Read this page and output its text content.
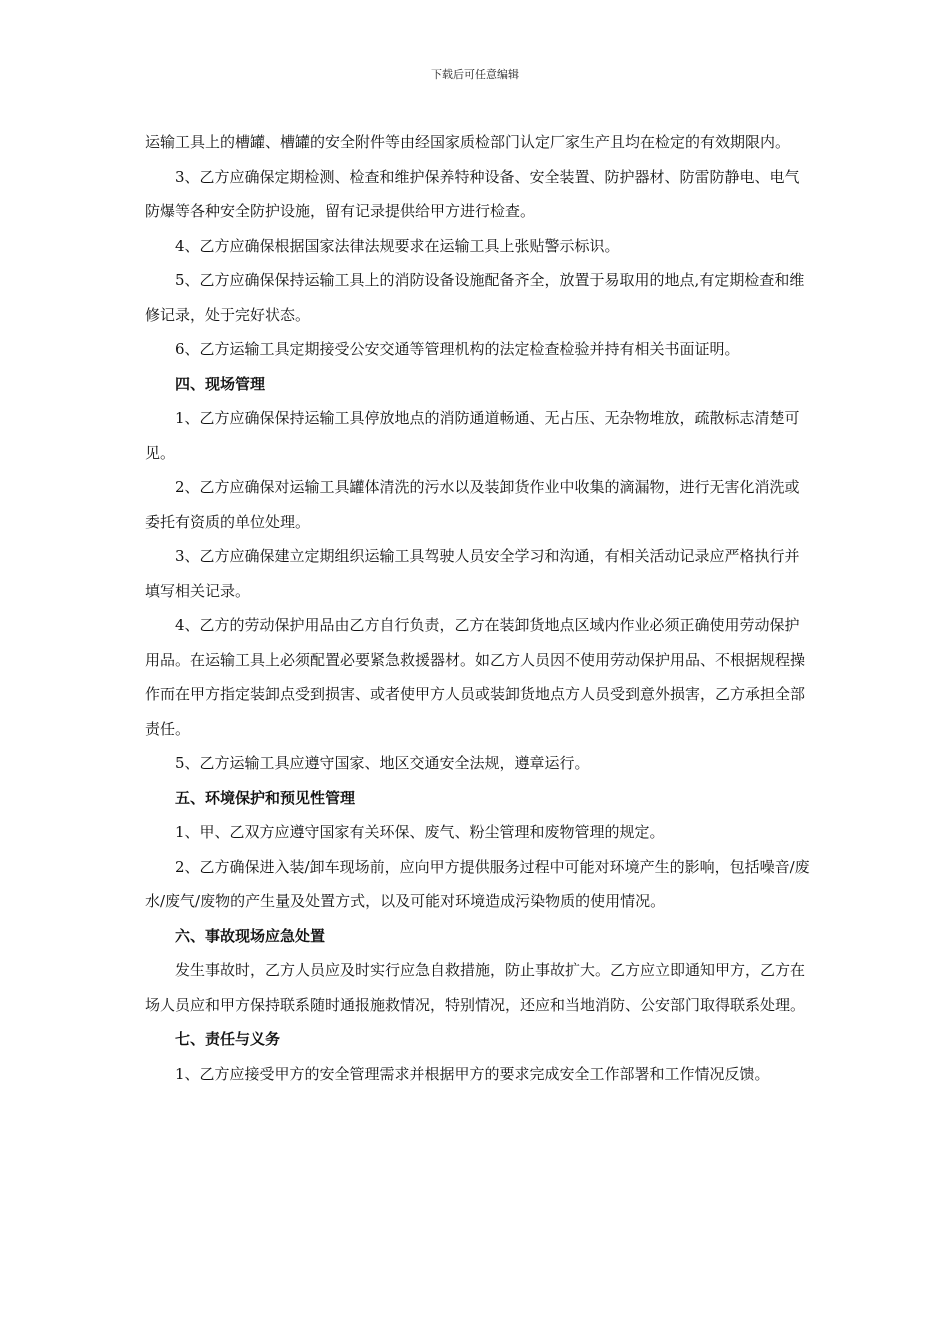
下载后可任意编辑

运输工具上的槽罐、槽罐的安全附件等由经国家质检部门认定厂家生产且均在检定的有效期限内。

3、乙方应确保定期检测、检查和维护保养特种设备、安全装置、防护器材、防雷防静电、电气防爆等各种安全防护设施，留有记录提供给甲方进行检查。

4、乙方应确保根据国家法律法规要求在运输工具上张贴警示标识。

5、乙方应确保保持运输工具上的消防设备设施配备齐全，放置于易取用的地点,有定期检查和维修记录，处于完好状态。

6、乙方运输工具定期接受公安交通等管理机构的法定检查检验并持有相关书面证明。

四、现场管理

1、乙方应确保保持运输工具停放地点的消防通道畅通、无占压、无杂物堆放，疏散标志清楚可见。

2、乙方应确保对运输工具罐体清洗的污水以及装卸货作业中收集的滴漏物，进行无害化消洗或委托有资质的单位处理。

3、乙方应确保建立定期组织运输工具驾驶人员安全学习和沟通，有相关活动记录应严格执行并填写相关记录。

4、乙方的劳动保护用品由乙方自行负责，乙方在装卸货地点区域内作业必须正确使用劳动保护用品。在运输工具上必须配置必要紧急救援器材。如乙方人员因不使用劳动保护用品、不根据规程操作而在甲方指定装卸点受到损害、或者使甲方人员或装卸货地点方人员受到意外损害，乙方承担全部责任。

5、乙方运输工具应遵守国家、地区交通安全法规，遵章运行。

五、环境保护和预见性管理

1、甲、乙双方应遵守国家有关环保、废气、粉尘管理和废物管理的规定。

2、乙方确保进入装/卸车现场前，应向甲方提供服务过程中可能对环境产生的影响，包括噪音/废水/废气/废物的产生量及处置方式，以及可能对环境造成污染物质的使用情况。

六、事故现场应急处置

发生事故时，乙方人员应及时实行应急自救措施，防止事故扩大。乙方应立即通知甲方，乙方在场人员应和甲方保持联系随时通报施救情况，特别情况，还应和当地消防、公安部门取得联系处理。

七、责任与义务

1、乙方应接受甲方的安全管理需求并根据甲方的要求完成安全工作部署和工作情况反馈。
